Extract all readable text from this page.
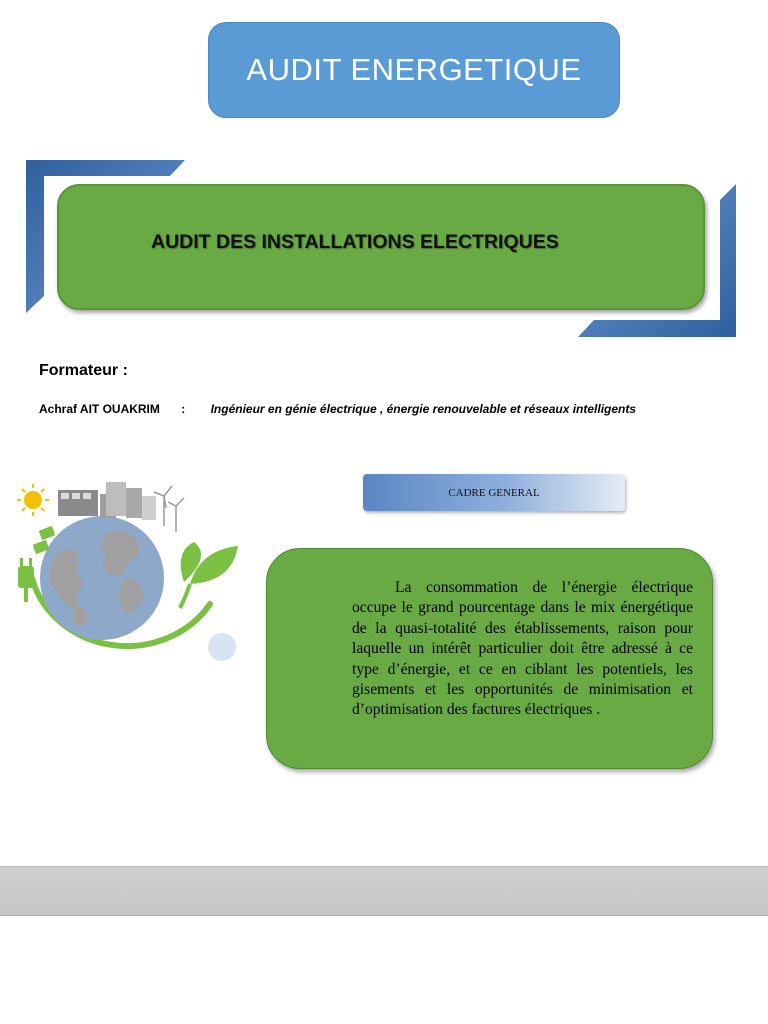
AUDIT ENERGETIQUE
AUDIT DES INSTALLATIONS ELECTRIQUES
Formateur :
Achraf AIT OUAKRIM : Ingénieur en génie électrique , énergie renouvelable et réseaux intelligents
CADRE GENERAL

La consommation de l’énergie électrique occupe le grand pourcentage dans le mix énergétique de la quasi-totalité des établissements, raison pour laquelle un intérêt particulier doit être adressé à ce type d’énergie, et ce en ciblant les potentiels, les gisements et les opportunités de minimisation et d’optimisation des factures électriques .
